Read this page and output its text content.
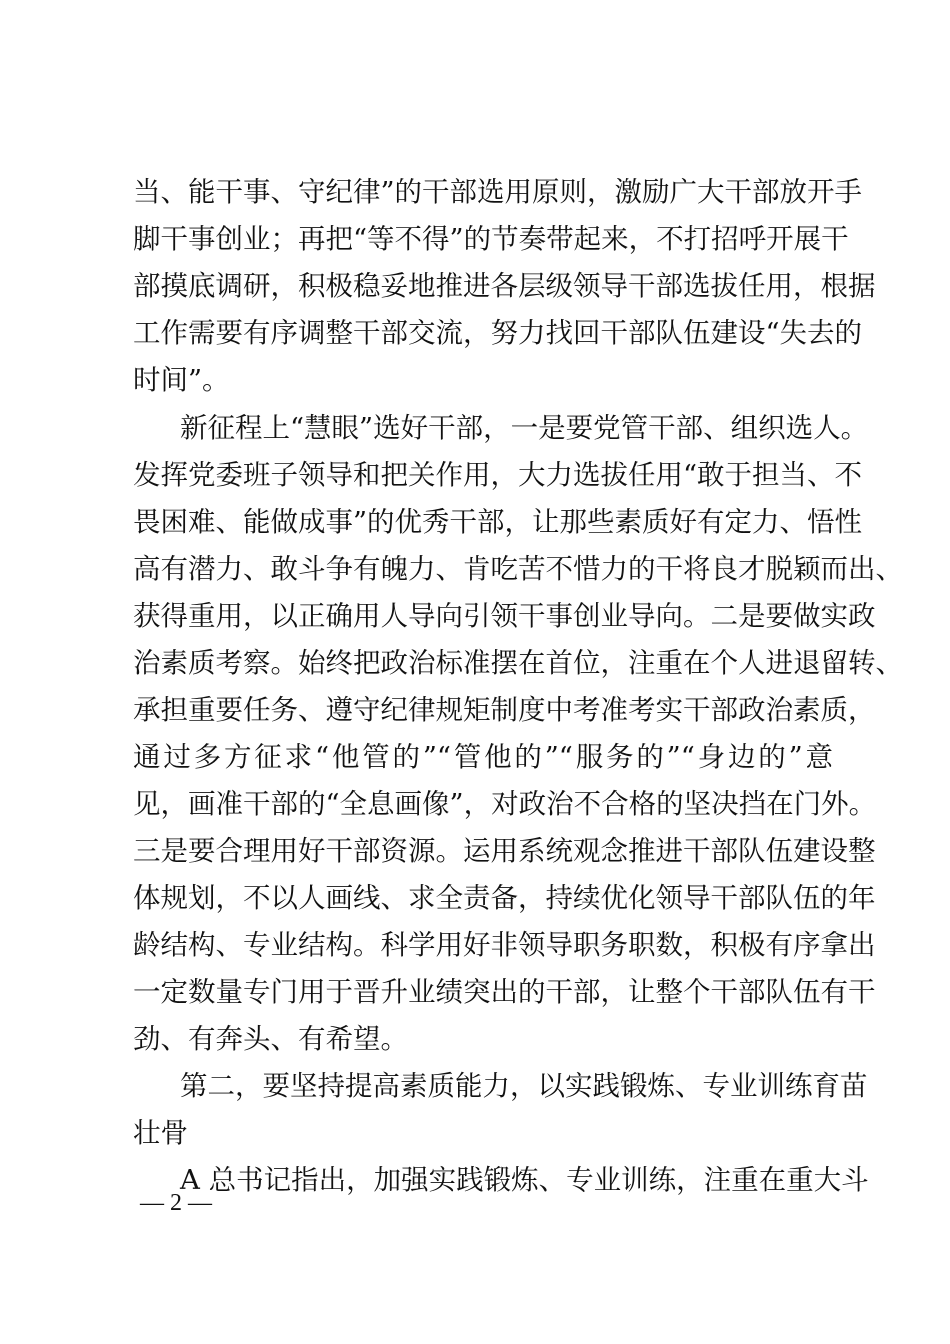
当、能干事、守纪律”的干部选用原则，激励广大干部放开手
脚干事创业；再把“等不得”的节奏带起来，不打招呼开展干
部摸底调研，积极稳妥地推进各层级领导干部选拔任用，根据
工作需要有序调整干部交流，努力找回干部队伍建设“失去的
时间”。
新征程上“慧眼”选好干部，一是要党管干部、组织选人。
发挥党委班子领导和把关作用，大力选拔任用“敢于担当、不
畏困难、能做成事”的优秀干部，让那些素质好有定力、悟性
高有潜力、敢斗争有魄力、肯吃苦不惜力的干将良才脱颖而出、
获得重用，以正确用人导向引领干事创业导向。二是要做实政
治素质考察。始终把政治标准摆在首位，注重在个人进退留转、
承担重要任务、遵守纪律规矩制度中考准考实干部政治素质，
通过多方征求“他管的”“管他的”“服务的”“身边的”意
见，画准干部的“全息画像”，对政治不合格的坚决挡在门外。
三是要合理用好干部资源。运用系统观念推进干部队伍建设整
体规划，不以人画线、求全责备，持续优化领导干部队伍的年
龄结构、专业结构。科学用好非领导职务职数，积极有序拿出
一定数量专门用于晋升业绩突出的干部，让整个干部队伍有干
劲、有奔头、有希望。
第二，要坚持提高素质能力，以实践锻炼、专业训练育苗
壮骨
A 总书记指出，加强实践锻炼、专业训练，注重在重大斗
— 2 —
